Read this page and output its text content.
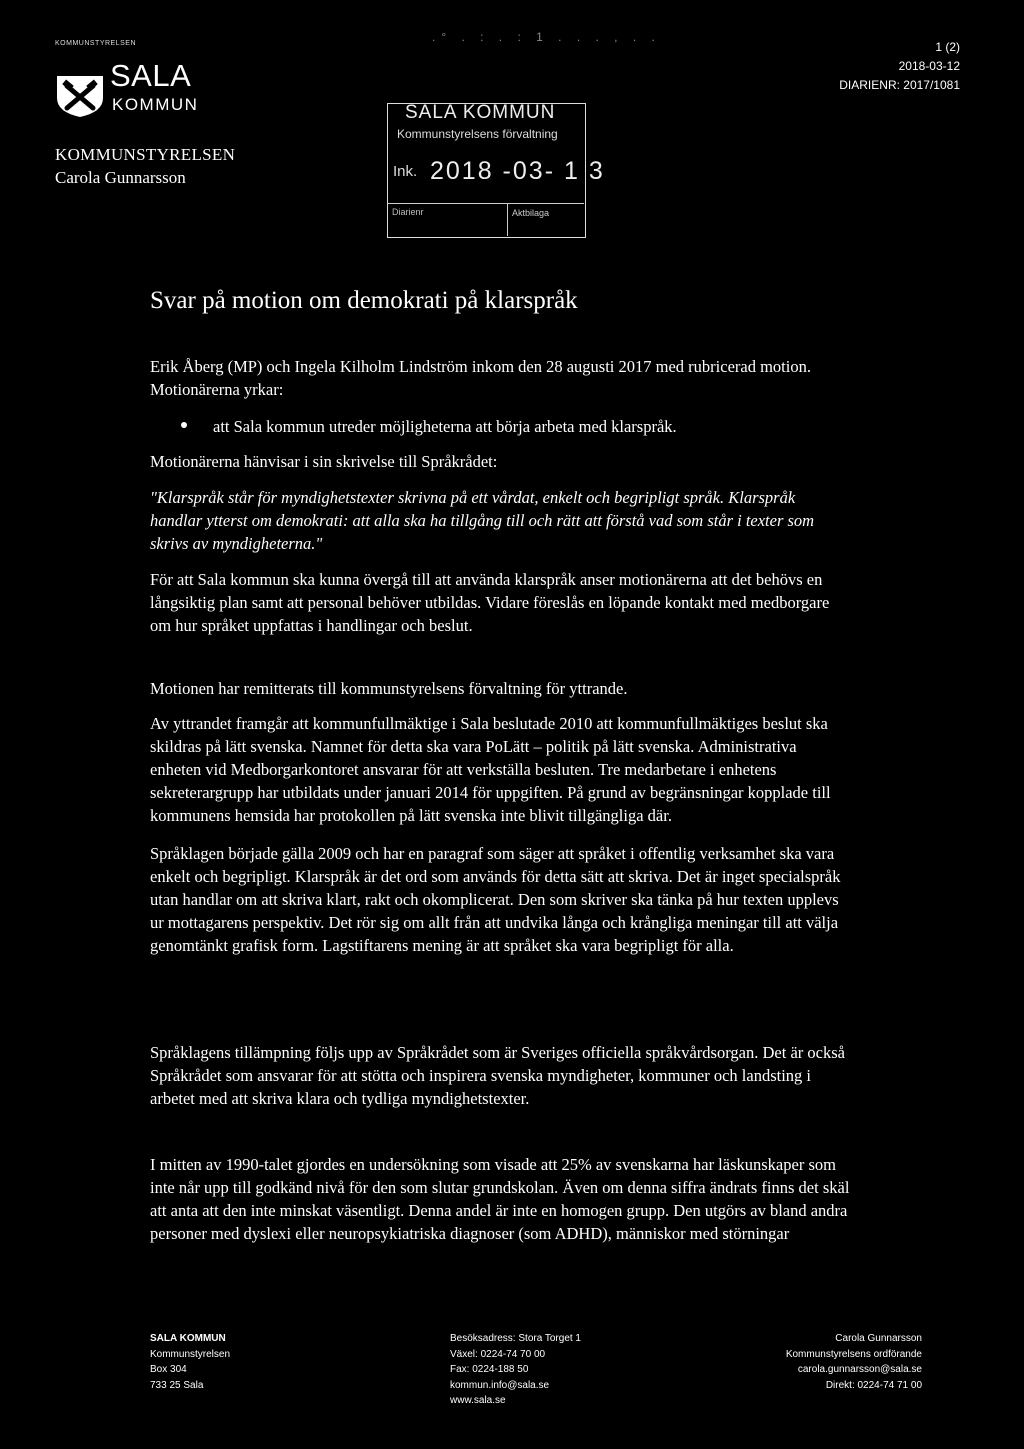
KOMMUNSTYRELSEN
SALA
KOMMUN
KOMMUNSTYRELSEN
Carola Gunnarsson
SALA KOMMUN
Kommunstyrelsens förvaltning
Ink. 2018 -03- 1 3
Diarienr	Aktbilaga
.° . : . : 1 . . . , . .
1 (2)
2018-03-12
DIARIENR: 2017/1081
Svar på motion om demokrati på klarspråk

Erik Åberg (MP) och Ingela Kilholm Lindström inkom den 28 augusti 2017 med rubricerad motion. Motionärerna yrkar:

att Sala kommun utreder möjligheterna att börja arbeta med klarspråk.

Motionärerna hänvisar i sin skrivelse till Språkrådet:

"Klarspråk står för myndighetstexter skrivna på ett vårdat, enkelt och begripligt språk. Klarspråk handlar ytterst om demokrati: att alla ska ha tillgång till och rätt att förstå vad som står i texter som skrivs av myndigheterna."

För att Sala kommun ska kunna övergå till att använda klarspråk anser motionärerna att det behövs en långsiktig plan samt att personal behöver utbildas. Vidare föreslås en löpande kontakt med medborgare om hur språket uppfattas i handlingar och beslut.

Motionen har remitterats till kommunstyrelsens förvaltning för yttrande.

Av yttrandet framgår att kommunfullmäktige i Sala beslutade 2010 att kommunfullmäktiges beslut ska skildras på lätt svenska. Namnet för detta ska vara PoLätt – politik på lätt svenska. Administrativa enheten vid Medborgarkontoret ansvarar för att verkställa besluten. Tre medarbetare i enhetens sekreterargrupp har utbildats under januari 2014 för uppgiften. På grund av begränsningar kopplade till kommunens hemsida har protokollen på lätt svenska inte blivit tillgängliga där.

Språklagen började gälla 2009 och har en paragraf som säger att språket i offentlig verksamhet ska vara enkelt och begripligt. Klarspråk är det ord som används för detta sätt att skriva. Det är inget specialspråk utan handlar om att skriva klart, rakt och okomplicerat. Den som skriver ska tänka på hur texten upplevs ur mottagarens perspektiv. Det rör sig om allt från att undvika långa och krångliga meningar till att välja genomtänkt grafisk form. Lagstiftarens mening är att språket ska vara begripligt för alla.

Språklagens tillämpning följs upp av Språkrådet som är Sveriges officiella språkvårdsorgan. Det är också Språkrådet som ansvarar för att stötta och inspirera svenska myndigheter, kommuner och landsting i arbetet med att skriva klara och tydliga myndighetstexter.

I mitten av 1990-talet gjordes en undersökning som visade att 25% av svenskarna har läskunskaper som inte når upp till godkänd nivå för den som slutar grundskolan. Även om denna siffra ändrats finns det skäl att anta att den inte minskat väsentligt. Denna andel är inte en homogen grupp. Den utgörs av bland andra personer med dyslexi eller neuropsykiatriska diagnoser (som ADHD), människor med störningar

SALA KOMMUN
Kommunstyrelsen
Box 304
733 25 Sala
Besöksadress: Stora Torget 1
Växel: 0224-74 70 00
Fax: 0224-188 50
kommun.info@sala.se
www.sala.se
Carola Gunnarsson
Kommunstyrelsens ordförande
carola.gunnarsson@sala.se
Direkt: 0224-74 71 00
